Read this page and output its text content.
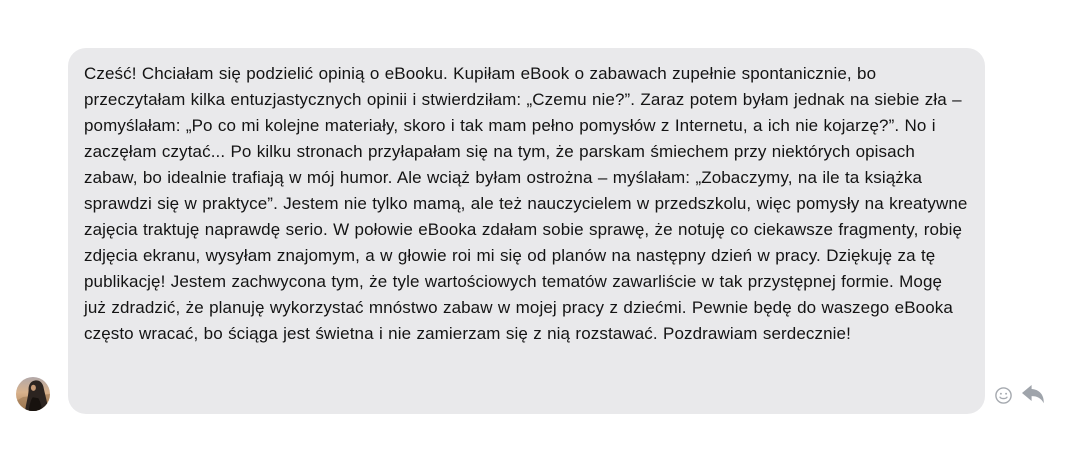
Cześć! Chciałam się podzielić opinią o eBooku. Kupiłam eBook o zabawach zupełnie spontanicznie, bo przeczytałam kilka entuzjastycznych opinii i stwierdziłam: „Czemu nie?”. Zaraz potem byłam jednak na siebie zła – pomyślałam: „Po co mi kolejne materiały, skoro i tak mam pełno pomysłów z Internetu, a ich nie kojarzę?”. No i zaczęłam czytać... Po kilku stronach przyłapałam się na tym, że parskam śmiechem przy niektórych opisach zabaw, bo idealnie trafiają w mój humor. Ale wciąż byłam ostrożna – myślałam: „Zobaczymy, na ile ta książka sprawdzi się w praktyce”. Jestem nie tylko mamą, ale też nauczycielem w przedszkolu, więc pomysły na kreatywne zajęcia traktuję naprawdę serio. W połowie eBooka zdałam sobie sprawę, że notuję co ciekawsze fragmenty, robię zdjęcia ekranu, wysyłam znajomym, a w głowie roi mi się od planów na następny dzień w pracy. Dziękuję za tę publikację! Jestem zachwycona tym, że tyle wartościowych tematów zawarliście w tak przystępnej formie. Mogę już zdradzić, że planuję wykorzystać mnóstwo zabaw w mojej pracy z dziećmi. Pewnie będę do waszego eBooka często wracać, bo ściąga jest świetna i nie zamierzam się z nią rozstawać. Pozdrawiam serdecznie!
